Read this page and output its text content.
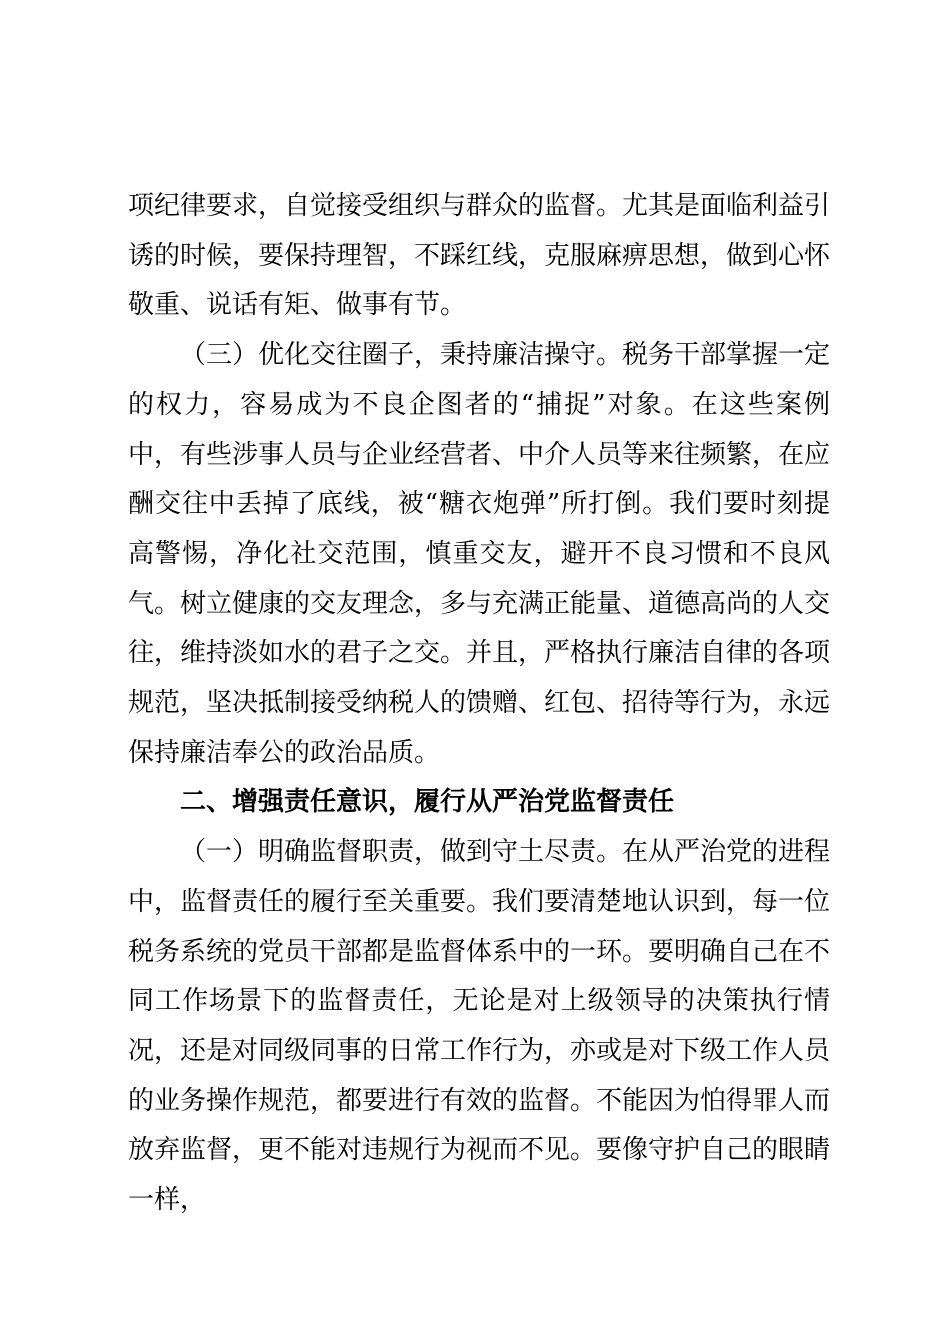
项纪律要求，自觉接受组织与群众的监督。尤其是面临利益引诱的时候，要保持理智，不踩红线，克服麻痹思想，做到心怀敬重、说话有矩、做事有节。

（三）优化交往圈子，秉持廉洁操守。税务干部掌握一定的权力，容易成为不良企图者的“捕捉”对象。在这些案例中，有些涉事人员与企业经营者、中介人员等来往频繁，在应酬交往中丢掉了底线，被“糖衣炮弹”所打倒。我们要时刻提高警惕，净化社交范围，慎重交友，避开不良习惯和不良风气。树立健康的交友理念，多与充满正能量、道德高尚的人交往，维持淡如水的君子之交。并且，严格执行廉洁自律的各项规范，坚决抵制接受纳税人的馈赠、红包、招待等行为，永远保持廉洁奉公的政治品质。

二、增强责任意识，履行从严治党监督责任

（一）明确监督职责，做到守土尽责。在从严治党的进程中，监督责任的履行至关重要。我们要清楚地认识到，每一位税务系统的党员干部都是监督体系中的一环。要明确自己在不同工作场景下的监督责任，无论是对上级领导的决策执行情况，还是对同级同事的日常工作行为，亦或是对下级工作人员的业务操作规范，都要进行有效的监督。不能因为怕得罪人而放弃监督，更不能对违规行为视而不见。要像守护自己的眼睛一样，
